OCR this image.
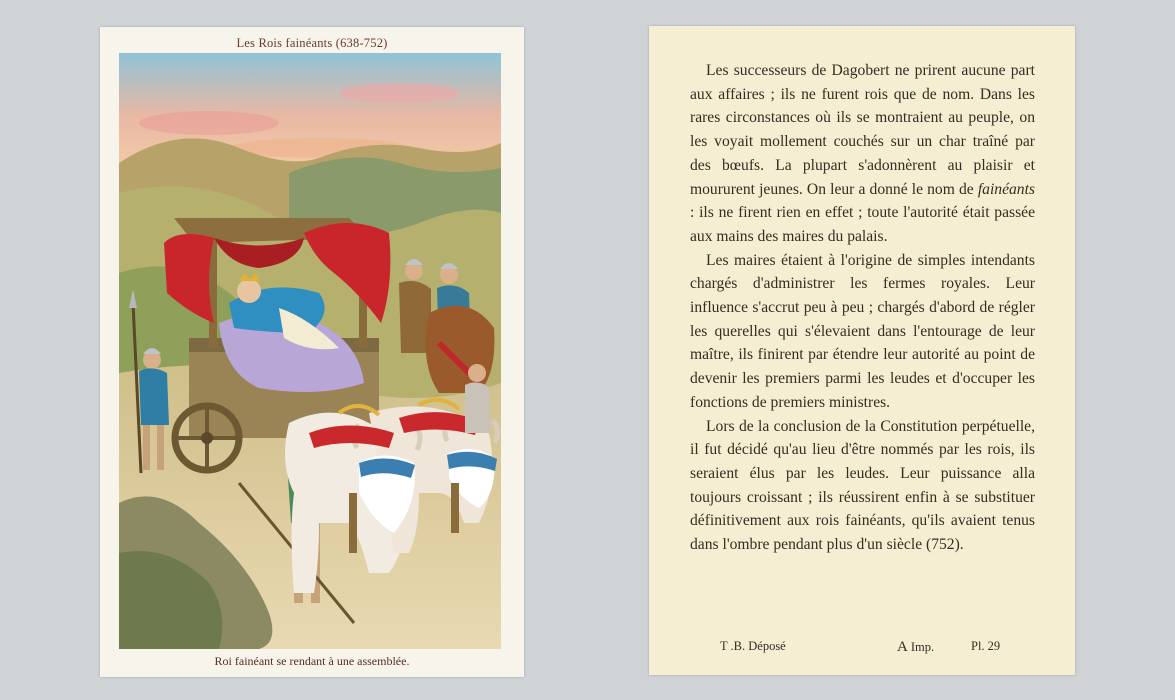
Les Rois fainéants (638-752)
Roi fainéant se rendant à une assemblée.

Les successeurs de Dagobert ne prirent aucune part aux affaires ; ils ne furent rois que de nom. Dans les rares circonstances où ils se montraient au peuple, on les voyait mollement couchés sur un char traîné par des bœufs. La plupart s'adonnèrent au plaisir et moururent jeunes. On leur a donné le nom de fainéants : ils ne firent rien en effet ; toute l'autorité était passée aux mains des maires du palais.

Les maires étaient à l'origine de simples intendants chargés d'administrer les fermes royales. Leur influence s'accrut peu à peu ; chargés d'abord de régler les querelles qui s'élevaient dans l'entourage de leur maître, ils finirent par étendre leur autorité au point de devenir les premiers parmi les leudes et d'occuper les fonctions de premiers ministres.

Lors de la conclusion de la Constitution perpétuelle, il fut décidé qu'au lieu d'être nommés par les rois, ils seraient élus par les leudes. Leur puissance alla toujours croissant ; ils réussirent enfin à se substituer définitivement aux rois fainéants, qu'ils avaient tenus dans l'ombre pendant plus d'un siècle (752).

T .B. Déposé	A Imp.	Pl. 29
